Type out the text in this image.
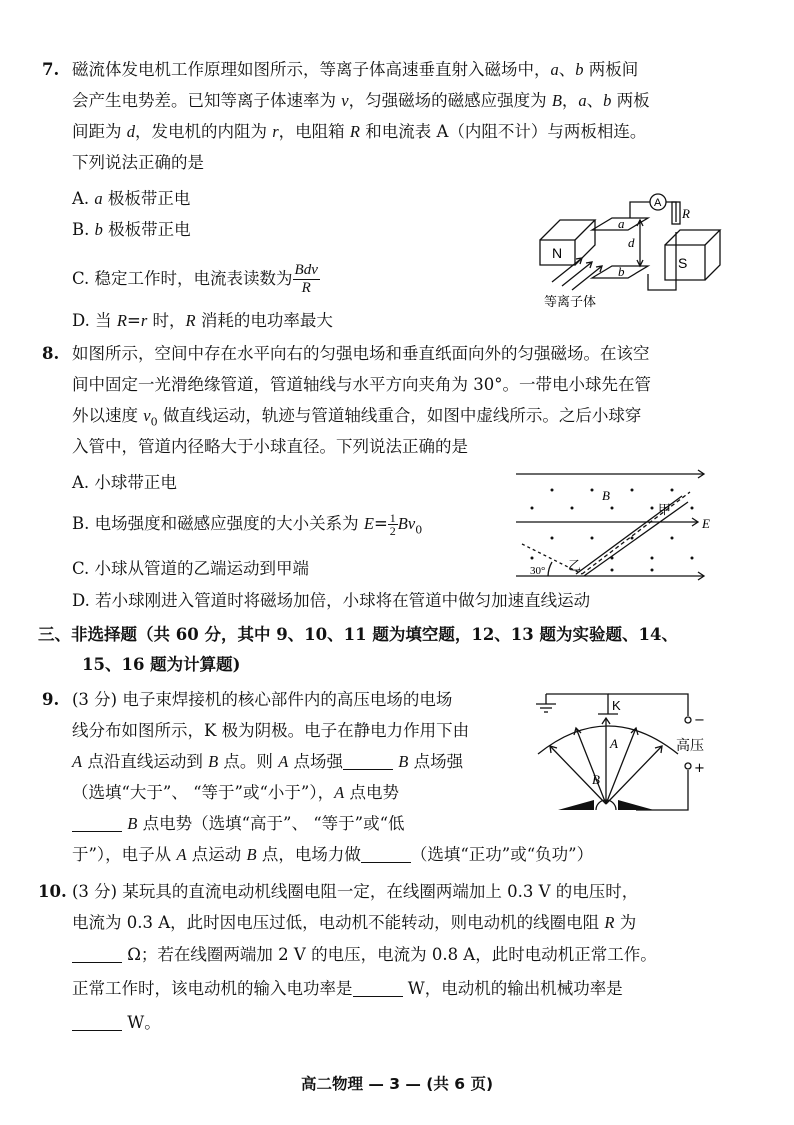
7. 磁流体发电机工作原理如图所示，等离子体高速垂直射入磁场中，a、b 两板间
会产生电势差。已知等离子体速率为 v，匀强磁场的磁感应强度为 B，a、b 两板
间距为 d，发电机的内阻为 r，电阻箱 R 和电流表 A（内阻不计）与两板相连。
下列说法正确的是
A. a 极板带正电
B. b 极板带正电
C. 稳定工作时，电流表读数为 $\frac{\text{Bdv}}{R}$
D. 当 R=r 时，R 消耗的电功率最大
N
S
a
b
d
A
R
等离子体
8. 如图所示，空间中存在水平向右的匀强电场和垂直纸面向外的匀强磁场。在该空
间中固定一光滑绝缘管道，管道轴线与水平方向夹角为 30°。一带电小球先在管
外以速度 $v_0$ 做直线运动，轨迹与管道轴线重合，如图中虚线所示。之后小球穿
入管中，管道内径略大于小球直径。下列说法正确的是
A. 小球带正电
B. 电场强度和磁感应强度的大小关系为 $E= \frac{1}{2} Bv_0$
C. 小球从管道的乙端运动到甲端
D. 若小球刚进入管道时将磁场加倍，小球将在管道中做匀加速直线运动
B
E
甲
乙
30°
三、非选择题（共 60 分，其中 9、10、11 题为填空题，12、13 题为实验题、14、
15、16 题为计算题)
9. (3 分) 电子束焊接机的核心部件内的高压电场的电场
线分布如图所示，K 极为阴极。电子在静电力作用下由
A 点沿直线运动到 B 点。则 A 点场强	B 点场强
（选填“大于”、 “等于”或“小于”），A 点电势
B 点电势（选填“高于”、 “等于”或“低
于”），电子从 A 点运动 B 点，电场力做	（选填“正功”或“负功”）
K
A
B
高压
−
+
10. (3 分) 某玩具的直流电动机线圈电阻一定，在线圈两端加上 0.3 V 的电压时，
电流为 0.3 A，此时因电压过低，电动机不能转动，则电动机的线圈电阻 R 为
Ω；若在线圈两端加 2 V 的电压，电流为 0.8 A，此时电动机正常工作。
正常工作时，该电动机的输入电功率是	W，电动机的输出机械功率是
W。
高二物理 — 3 — (共 6 页)
